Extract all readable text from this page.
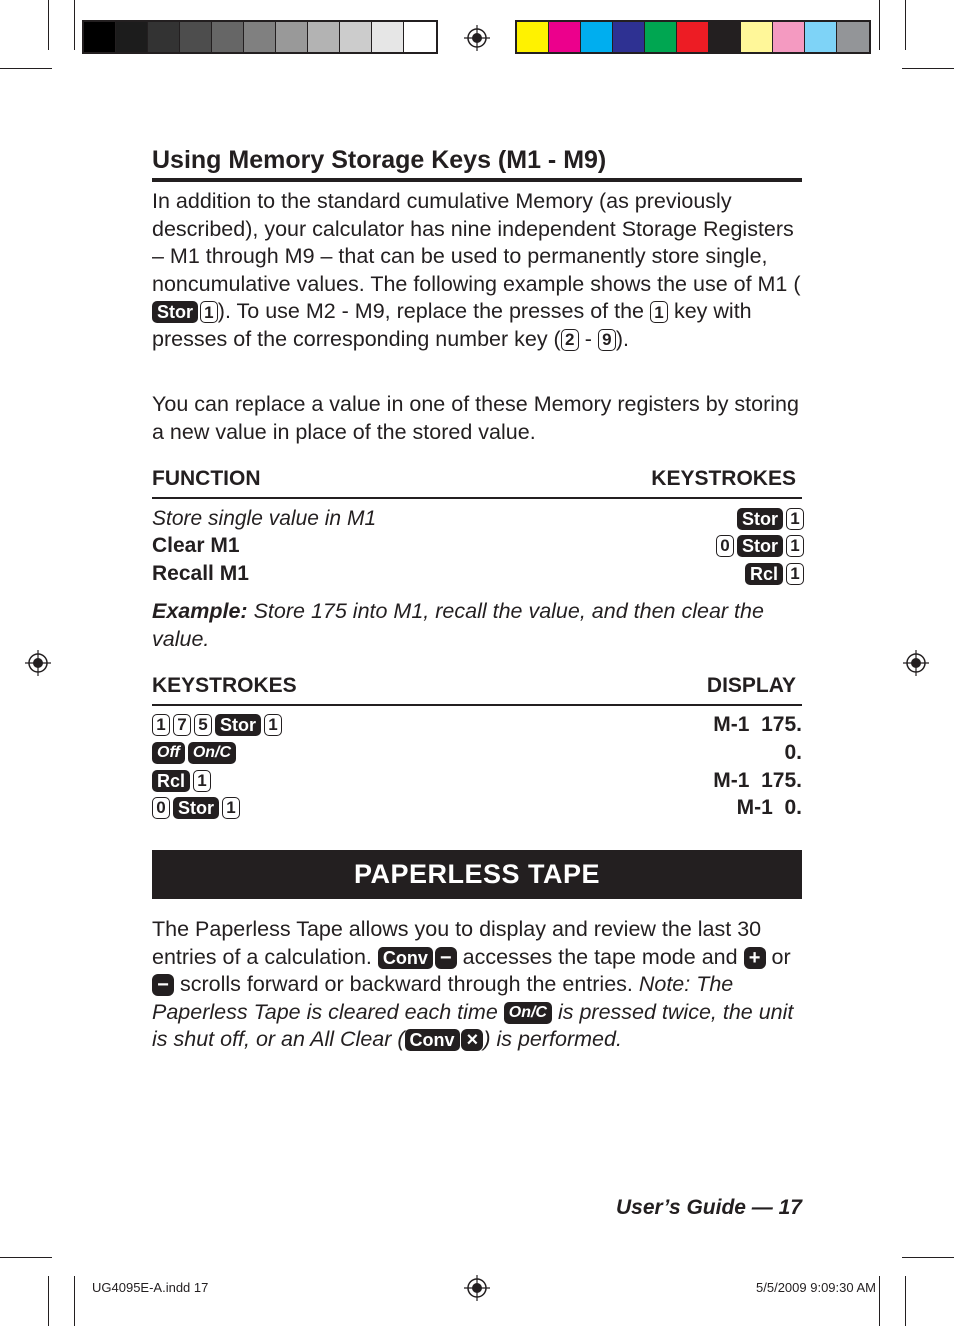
Using Memory Storage Keys (M1 - M9)

In addition to the standard cumulative Memory (as previously described), your calculator has nine independent Storage Registers – M1 through M9 – that can be used to permanently store single, noncumulative values. The following example shows the use of M1 (Stor  1 ). To use M2 - M9, replace the presses of the 1 key with presses of the corresponding number key ( 2 - 9 ).

You can replace a value in one of these Memory registers by storing a new value in place of the stored value.

FUNCTION	KEYSTROKES
Store single value in M1	Stor 1
Clear M1	0 Stor 1
Recall M1	Rcl 1

Example: Store 175 into M1, recall the value, and then clear the value.

KEYSTROKES	DISPLAY
1 7 5 Stor 1	M-1  175.
Off On/C	0.
Rcl 1	M-1  175.
0 Stor 1	M-1  0.
PAPERLESS TAPE

The Paperless Tape allows you to display and review the last 30 entries of a calculation. Conv  − accesses the tape mode and + or − scrolls forward or backward through the entries. Note: The Paperless Tape is cleared each time On/C is pressed twice, the unit is shut off, or an All Clear ( Conv  × ) is performed.

User’s Guide — 17
UG4095E-A.indd 17	5/5/2009 9:09:30 AM
